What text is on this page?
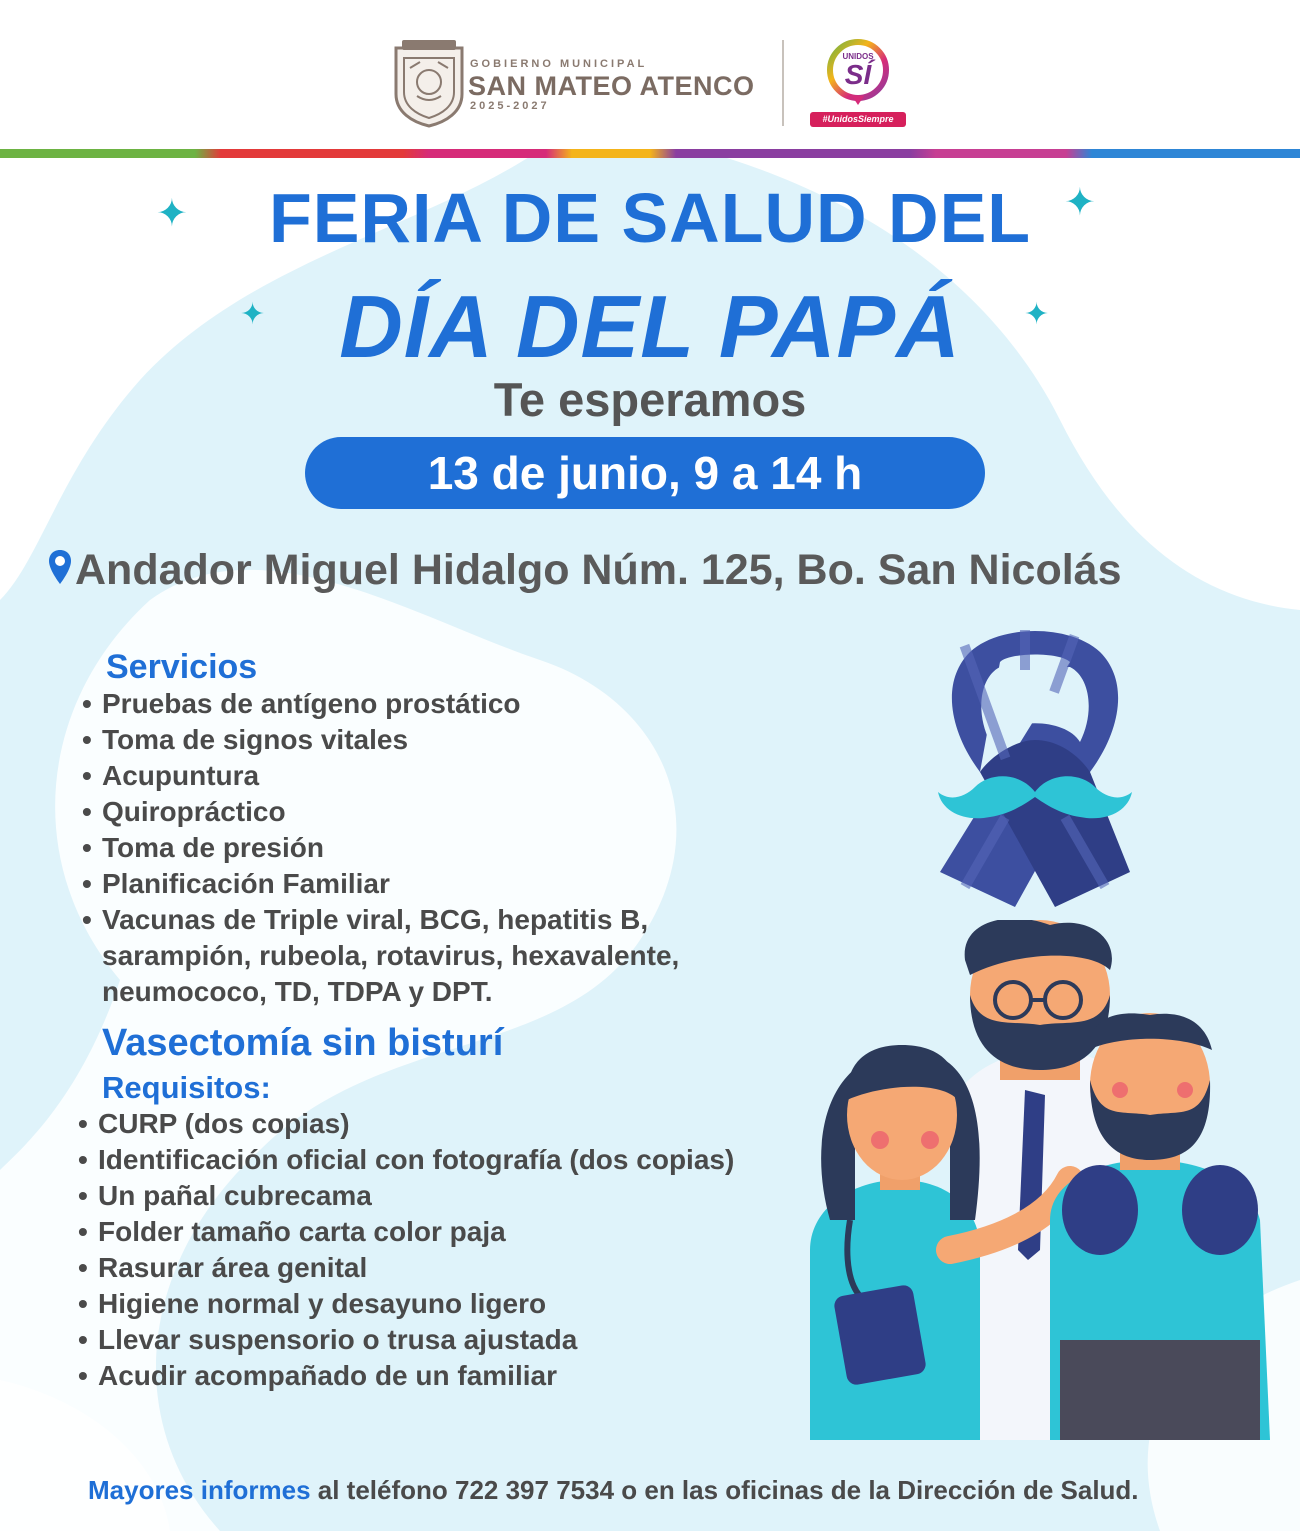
GOBIERNO MUNICIPAL
SAN MATEO ATENCO
2025-2027
UNIDOS
SÍ
#UnidosSiempre
✦	✦
✦	✦
FERIA DE SALUD DEL
DÍA DEL PAPÁ
Te esperamos
13 de junio, 9 a 14 h
Andador Miguel Hidalgo Núm. 125, Bo. San Nicolás
Servicios
• Pruebas de antígeno prostático
• Toma de signos vitales
• Acupuntura
• Quiropráctico
• Toma de presión
• Planificación Familiar
• Vacunas de Triple viral, BCG, hepatitis B,
sarampión, rubeola, rotavirus, hexavalente,
neumococo, TD, TDPA y DPT.
Vasectomía sin bisturí
Requisitos:
• CURP (dos copias)
• Identificación oficial con fotografía (dos copias)
• Un pañal cubrecama
• Folder tamaño carta color paja
• Rasurar área genital
• Higiene normal y desayuno ligero
• Llevar suspensorio o trusa ajustada
• Acudir acompañado de un familiar
Mayores informes al teléfono 722 397 7534 o en las oficinas de la Dirección de Salud.
